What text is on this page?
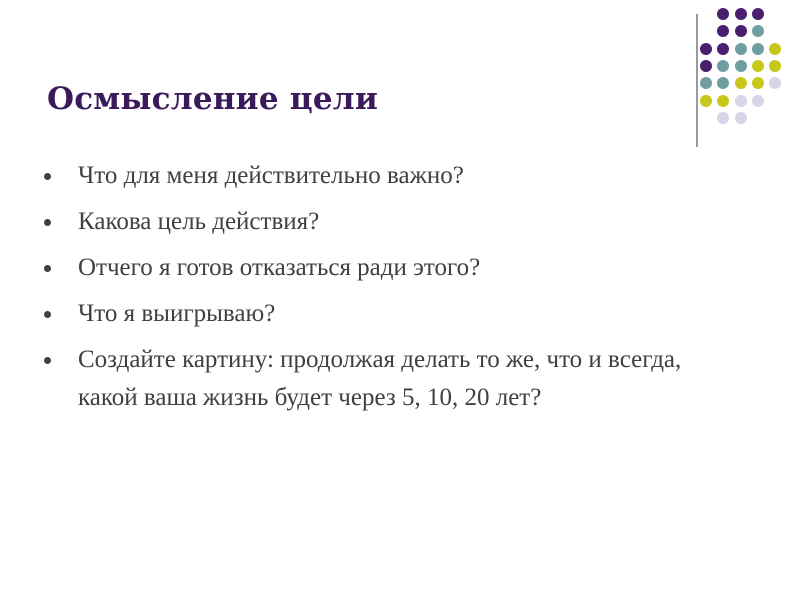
Осмысление цели
Что для меня действительно важно?
Какова цель действия?
Отчего я готов отказаться ради этого?
Что я выигрываю?
Создайте картину: продолжая делать то же, что и всегда, какой ваша жизнь будет через 5, 10, 20 лет?
